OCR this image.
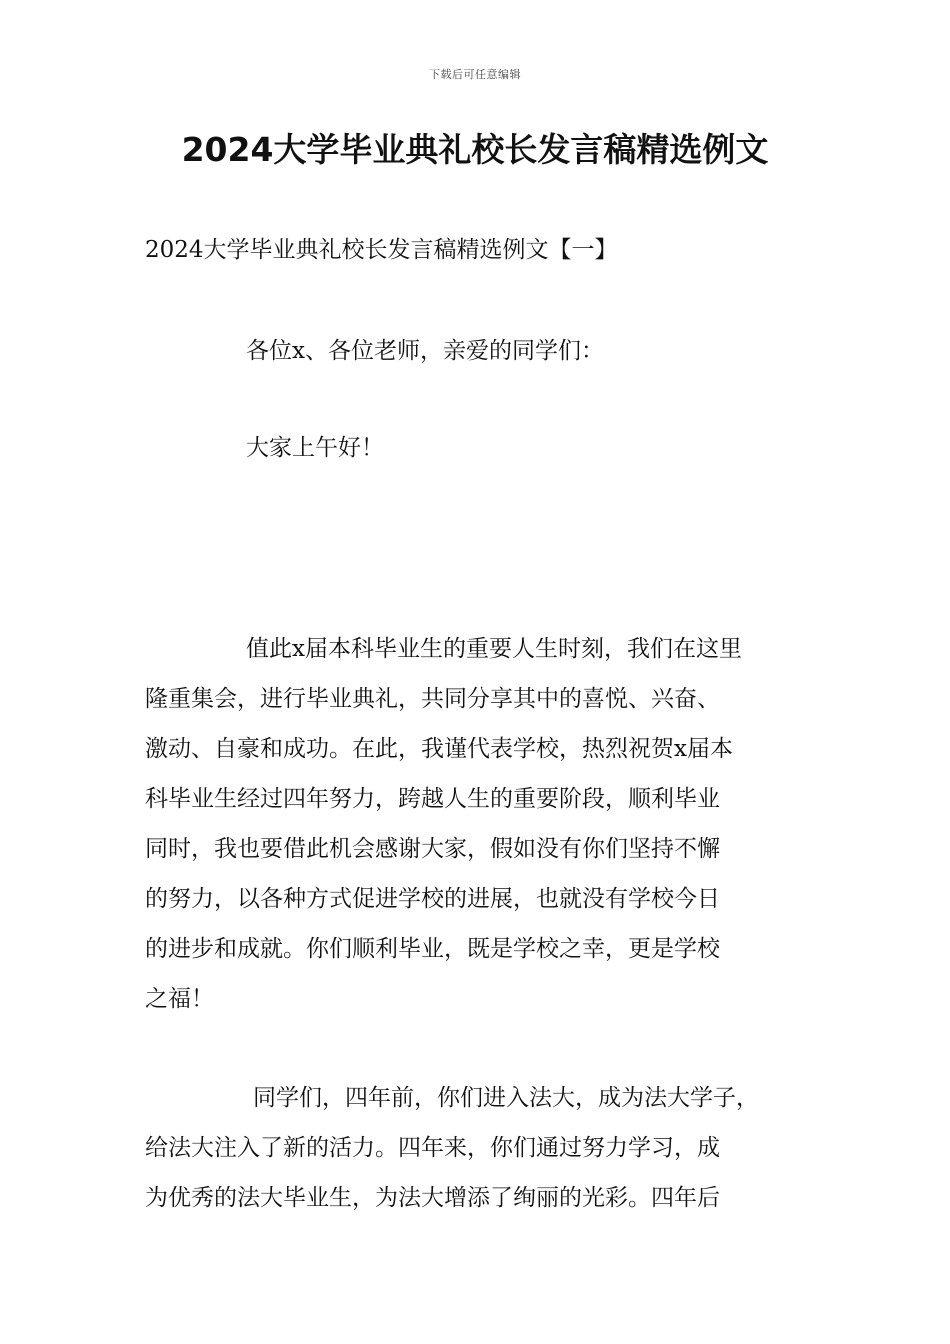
下载后可任意编辑
2024大学毕业典礼校长发言稿精选例文

2024大学毕业典礼校长发言稿精选例文【一】

各位x、各位老师，亲爱的同学们：

大家上午好！

值此x届本科毕业生的重要人生时刻，我们在这里
隆重集会，进行毕业典礼，共同分享其中的喜悦、兴奋、
激动、自豪和成功。在此，我谨代表学校，热烈祝贺x届本
科毕业生经过四年努力，跨越人生的重要阶段，顺利毕业
同时，我也要借此机会感谢大家，假如没有你们坚持不懈
的努力，以各种方式促进学校的进展，也就没有学校今日
的进步和成就。你们顺利毕业，既是学校之幸，更是学校
之福！

同学们，四年前，你们进入法大，成为法大学子，
给法大注入了新的活力。四年来，你们通过努力学习，成
为优秀的法大毕业生，为法大增添了绚丽的光彩。四年后
